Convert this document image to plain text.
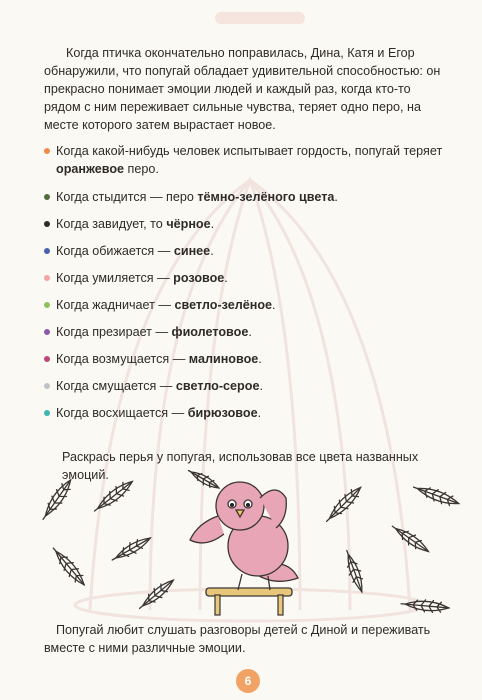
Когда птичка окончательно поправилась, Дина, Катя и Егор обнаружили, что попугай обладает удивительной способностью: он прекрасно понимает эмоции людей и каждый раз, когда кто-то рядом с ним переживает сильные чувства, теряет одно перо, на месте которого затем вырастает новое.

Когда какой-нибудь человек испытывает гордость, попугай теряет оранжевое перо.
Когда стыдится — перо тёмно-зелёного цвета.
Когда завидует, то чёрное.
Когда обижается — синее.
Когда умиляется — розовое.
Когда жадничает — светло-зелёное.
Когда презирает — фиолетовое.
Когда возмущается — малиновое.
Когда смущается — светло-серое.
Когда восхищается — бирюзовое.

Раскрась перья у попугая, использовав все цвета названных эмоций.

Попугай любит слушать разговоры детей с Диной и переживать вместе с ними различные эмоции.

6
